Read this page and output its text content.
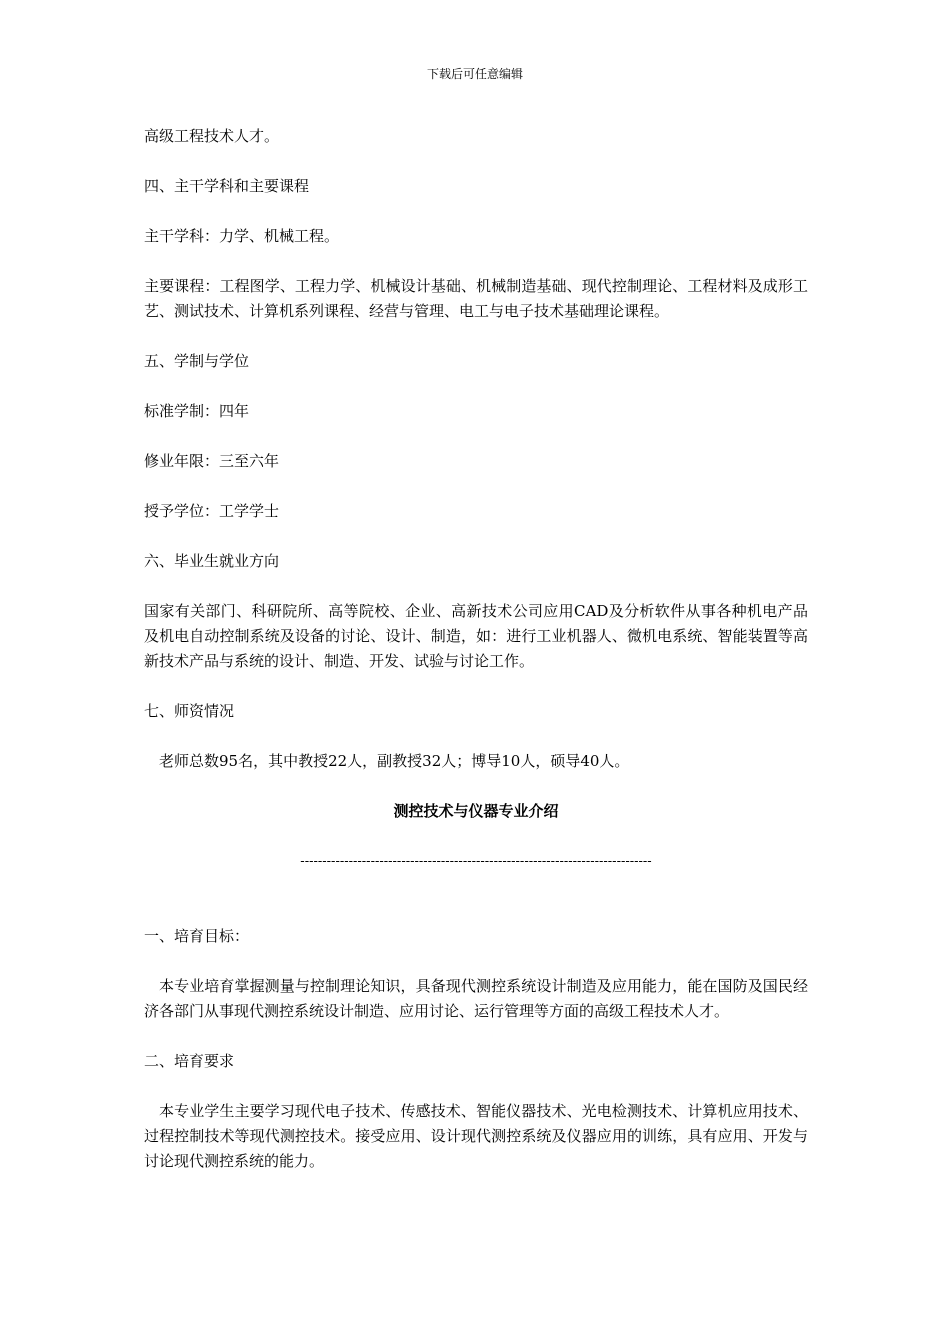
下载后可任意编辑

高级工程技术人才。

四、主干学科和主要课程

主干学科：力学、机械工程。

主要课程：工程图学、工程力学、机械设计基础、机械制造基础、现代控制理论、工程材料及成形工艺、测试技术、计算机系列课程、经营与管理、电工与电子技术基础理论课程。

五、学制与学位

标准学制：四年

修业年限：三至六年

授予学位：工学学士

六、毕业生就业方向

国家有关部门、科研院所、高等院校、企业、高新技术公司应用CAD及分析软件从事各种机电产品及机电自动控制系统及设备的讨论、设计、制造，如：进行工业机器人、微机电系统、智能装置等高新技术产品与系统的设计、制造、开发、试验与讨论工作。

七、师资情况

老师总数95名，其中教授22人，副教授32人；博导10人，硕导40人。

测控技术与仪器专业介绍

--------------------------------------------------------------------------------

一、培育目标：

本专业培育掌握测量与控制理论知识，具备现代测控系统设计制造及应用能力，能在国防及国民经济各部门从事现代测控系统设计制造、应用讨论、运行管理等方面的高级工程技术人才。

二、培育要求

本专业学生主要学习现代电子技术、传感技术、智能仪器技术、光电检测技术、计算机应用技术、过程控制技术等现代测控技术。接受应用、设计现代测控系统及仪器应用的训练，具有应用、开发与讨论现代测控系统的能力。
